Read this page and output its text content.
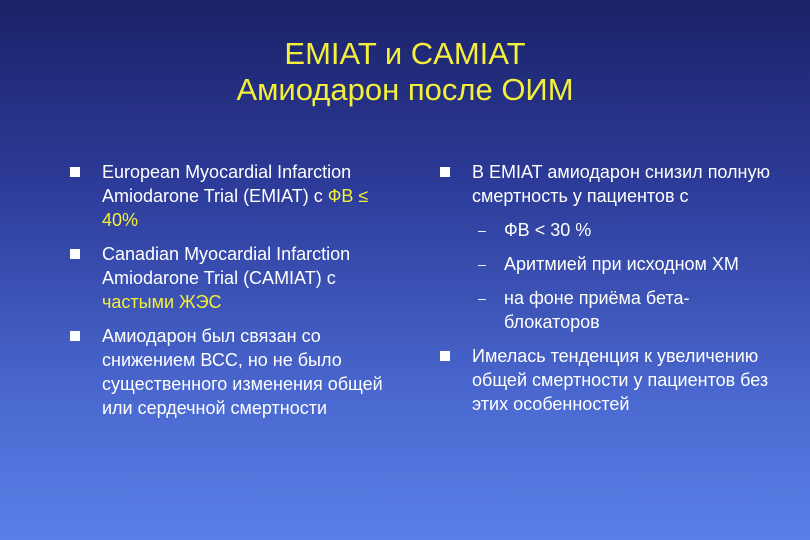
EMIAT и CAMIAT
Амиодарон после ОИМ
European Myocardial Infarction Amiodarone Trial (EMIAT) с ФВ ≤ 40%
Canadian Myocardial Infarction Amiodarone Trial (CAMIAT) с частыми ЖЭС
Амиодарон был связан со снижением ВСС, но не было существенного изменения общей или сердечной смертности
В EMIAT амиодарон снизил полную смертность у пациентов с
– ФВ < 30 %
– Аритмией при исходном ХМ
– на фоне приёма бета-блокаторов
Имелась тенденция к увеличению общей смертности у пациентов без этих особенностей
